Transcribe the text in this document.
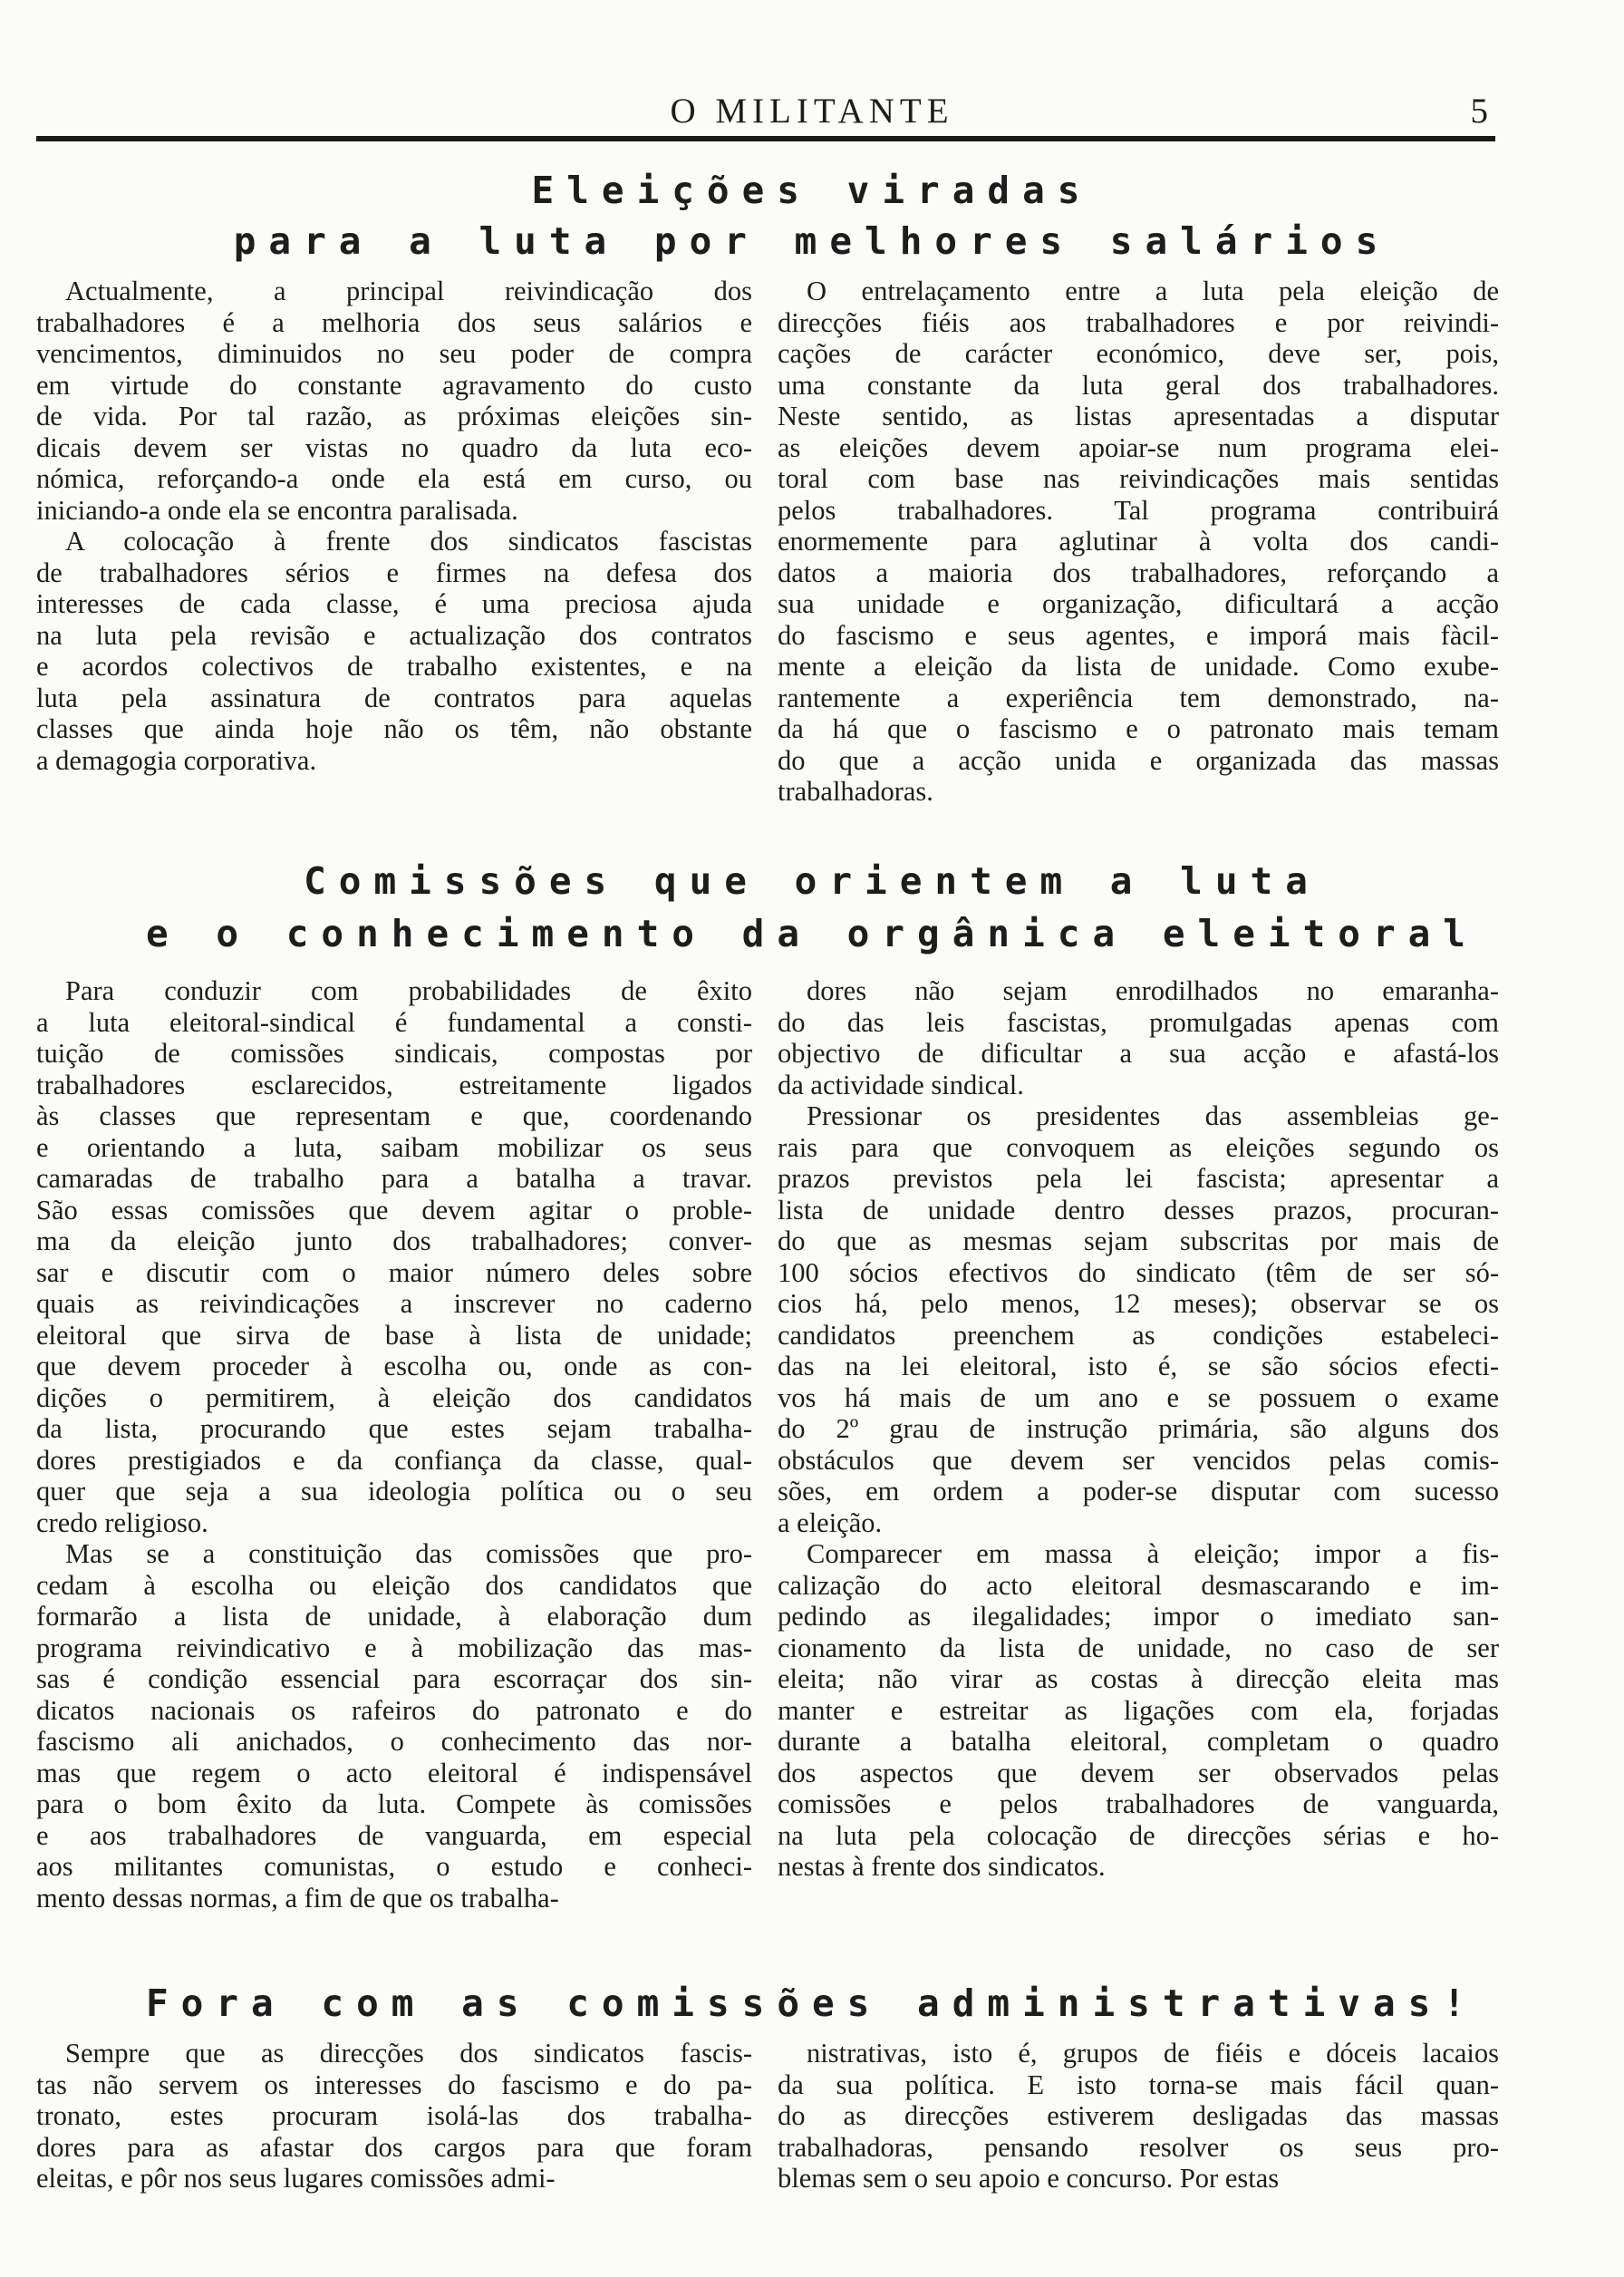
O MILITANTE	5
Eleições viradas
para a luta por melhores salários
Actualmente, a principal reivindicação dos
trabalhadores é a melhoria dos seus salários e
vencimentos, diminuidos no seu poder de compra
em virtude do constante agravamento do custo
de vida. Por tal razão, as próximas eleições sin-
dicais devem ser vistas no quadro da luta eco-
nómica, reforçando-a onde ela está em curso, ou
iniciando-a onde ela se encontra paralisada.
A colocação à frente dos sindicatos fascistas
de trabalhadores sérios e firmes na defesa dos
interesses de cada classe, é uma preciosa ajuda
na luta pela revisão e actualização dos contratos
e acordos colectivos de trabalho existentes, e na
luta pela assinatura de contratos para aquelas
classes que ainda hoje não os têm, não obstante
a demagogia corporativa.
O entrelaçamento entre a luta pela eleição de
direcções fiéis aos trabalhadores e por reivindi-
cações de carácter económico, deve ser, pois,
uma constante da luta geral dos trabalhadores.
Neste sentido, as listas apresentadas a disputar
as eleições devem apoiar-se num programa elei-
toral com base nas reivindicações mais sentidas
pelos trabalhadores. Tal programa contribuirá
enormemente para aglutinar à volta dos candi-
datos a maioria dos trabalhadores, reforçando a
sua unidade e organização, dificultará a acção
do fascismo e seus agentes, e imporá mais fàcil-
mente a eleição da lista de unidade. Como exube-
rantemente a experiência tem demonstrado, na-
da há que o fascismo e o patronato mais temam
do que a acção unida e organizada das massas
trabalhadoras.
Comissões que orientem a luta
e o conhecimento da orgânica eleitoral
Para conduzir com probabilidades de êxito
a luta eleitoral-sindical é fundamental a consti-
tuição de comissões sindicais, compostas por
trabalhadores esclarecidos, estreitamente ligados
às classes que representam e que, coordenando
e orientando a luta, saibam mobilizar os seus
camaradas de trabalho para a batalha a travar.
São essas comissões que devem agitar o proble-
ma da eleição junto dos trabalhadores; conver-
sar e discutir com o maior número deles sobre
quais as reivindicações a inscrever no caderno
eleitoral que sirva de base à lista de unidade;
que devem proceder à escolha ou, onde as con-
dições o permitirem, à eleição dos candidatos
da lista, procurando que estes sejam trabalha-
dores prestigiados e da confiança da classe, qual-
quer que seja a sua ideologia política ou o seu
credo religioso.
Mas se a constituição das comissões que pro-
cedam à escolha ou eleição dos candidatos que
formarão a lista de unidade, à elaboração dum
programa reivindicativo e à mobilização das mas-
sas é condição essencial para escorraçar dos sin-
dicatos nacionais os rafeiros do patronato e do
fascismo ali anichados, o conhecimento das nor-
mas que regem o acto eleitoral é indispensável
para o bom êxito da luta. Compete às comissões
e aos trabalhadores de vanguarda, em especial
aos militantes comunistas, o estudo e conheci-
mento dessas normas, a fim de que os trabalha-
dores não sejam enrodilhados no emaranha-
do das leis fascistas, promulgadas apenas com
objectivo de dificultar a sua acção e afastá-los
da actividade sindical.
Pressionar os presidentes das assembleias ge-
rais para que convoquem as eleições segundo os
prazos previstos pela lei fascista; apresentar a
lista de unidade dentro desses prazos, procuran-
do que as mesmas sejam subscritas por mais de
100 sócios efectivos do sindicato (têm de ser só-
cios há, pelo menos, 12 meses); observar se os
candidatos preenchem as condições estabeleci-
das na lei eleitoral, isto é, se são sócios efecti-
vos há mais de um ano e se possuem o exame
do 2º grau de instrução primária, são alguns dos
obstáculos que devem ser vencidos pelas comis-
sões, em ordem a poder-se disputar com sucesso
a eleição.
Comparecer em massa à eleição; impor a fis-
calização do acto eleitoral desmascarando e im-
pedindo as ilegalidades; impor o imediato san-
cionamento da lista de unidade, no caso de ser
eleita; não virar as costas à direcção eleita mas
manter e estreitar as ligações com ela, forjadas
durante a batalha eleitoral, completam o quadro
dos aspectos que devem ser observados pelas
comissões e pelos trabalhadores de vanguarda,
na luta pela colocação de direcções sérias e ho-
nestas à frente dos sindicatos.
Fora com as comissões administrativas!
Sempre que as direcções dos sindicatos fascis-
tas não servem os interesses do fascismo e do pa-
tronato, estes procuram isolá-las dos trabalha-
dores para as afastar dos cargos para que foram
eleitas, e pôr nos seus lugares comissões admi-
nistrativas, isto é, grupos de fiéis e dóceis lacaios
da sua política. E isto torna-se mais fácil quan-
do as direcções estiverem desligadas das massas
trabalhadoras, pensando resolver os seus pro-
blemas sem o seu apoio e concurso. Por estas
